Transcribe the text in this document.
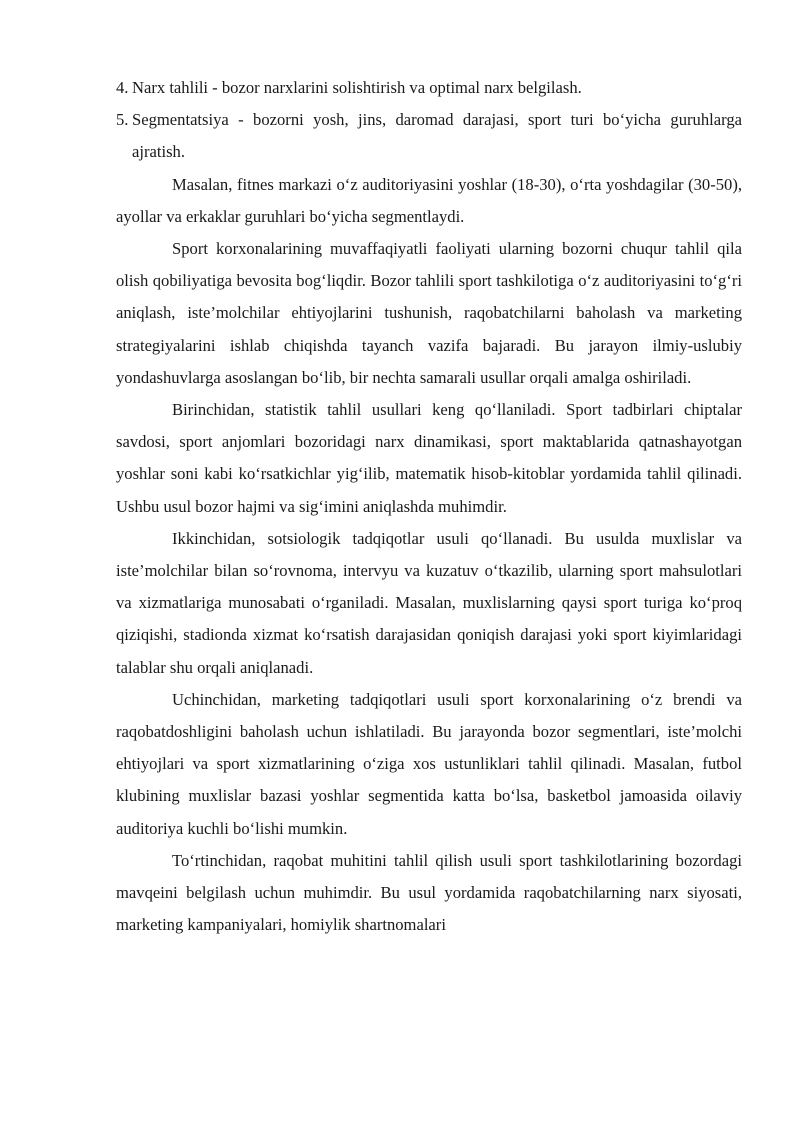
4. Narx tahlili - bozor narxlarini solishtirish va optimal narx belgilash.
5. Segmentatsiya - bozorni yosh, jins, daromad darajasi, sport turi bo‘yicha guruhlarga ajratish.

Masalan, fitnes markazi o‘z auditoriyasini yoshlar (18-30), o‘rta yoshdagilar (30-50), ayollar va erkaklar guruhlari bo‘yicha segmentlaydi.

Sport korxonalarining muvaffaqiyatli faoliyati ularning bozorni chuqur tahlil qila olish qobiliyatiga bevosita bog‘liqdir. Bozor tahlili sport tashkilotiga o‘z auditoriyasini to‘g‘ri aniqlash, iste’molchilar ehtiyojlarini tushunish, raqobatchilarni baholash va marketing strategiyalarini ishlab chiqishda tayanch vazifa bajaradi. Bu jarayon ilmiy-uslubiy yondashuvlarga asoslangan bo‘lib, bir nechta samarali usullar orqali amalga oshiriladi.

Birinchidan, statistik tahlil usullari keng qo‘llaniladi. Sport tadbirlari chiptalar savdosi, sport anjomlari bozoridagi narx dinamikasi, sport maktablarida qatnashayotgan yoshlar soni kabi ko‘rsatkichlar yig‘ilib, matematik hisob-kitoblar yordamida tahlil qilinadi. Ushbu usul bozor hajmi va sig‘imini aniqlashda muhimdir.

Ikkinchidan, sotsiologik tadqiqotlar usuli qo‘llanadi. Bu usulda muxlislar va iste’molchilar bilan so‘rovnoma, intervyu va kuzatuv o‘tkazilib, ularning sport mahsulotlari va xizmatlariga munosabati o‘rganiladi. Masalan, muxlislarning qaysi sport turiga ko‘proq qiziqishi, stadionda xizmat ko‘rsatish darajasidan qoniqish darajasi yoki sport kiyimlaridagi talablar shu orqali aniqlanadi.

Uchinchidan, marketing tadqiqotlari usuli sport korxonalarining o‘z brendi va raqobatdoshligini baholash uchun ishlatiladi. Bu jarayonda bozor segmentlari, iste’molchi ehtiyojlari va sport xizmatlarining o‘ziga xos ustunliklari tahlil qilinadi. Masalan, futbol klubining muxlislar bazasi yoshlar segmentida katta bo‘lsa, basketbol jamoasida oilaviy auditoriya kuchli bo‘lishi mumkin.

To‘rtinchidan, raqobat muhitini tahlil qilish usuli sport tashkilotlarining bozordagi mavqeini belgilash uchun muhimdir. Bu usul yordamida raqobatchilarning narx siyosati, marketing kampaniyalari, homiylik shartnomalari
